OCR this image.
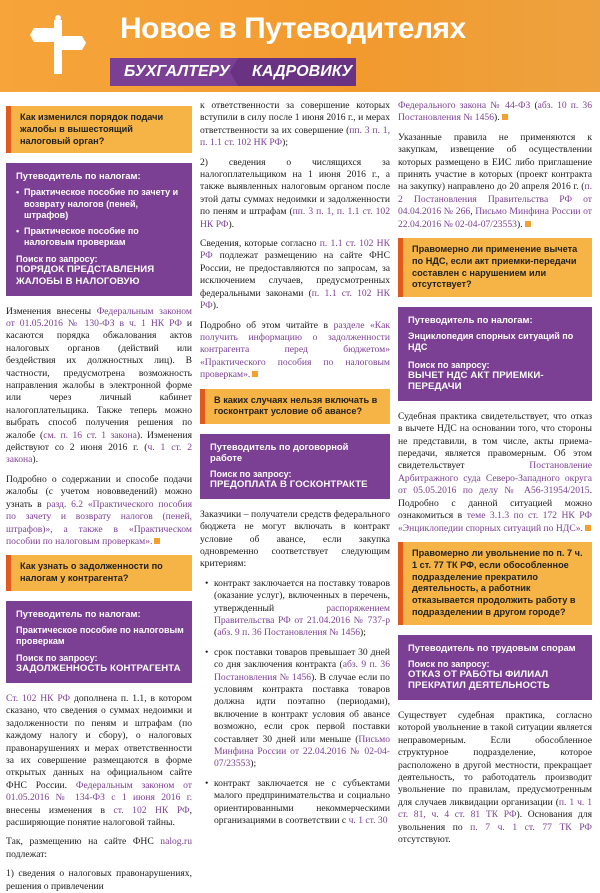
Новое в Путеводителях
БУХГАЛТЕРУ	КАДРОВИКУ
Как изменился порядок подачи жалобы в вышестоящий налоговый орган?
Путеводитель по налогам:
• Практическое пособие по зачету и возврату налогов (пеней, штрафов)
• Практическое пособие по налоговым проверкам
Поиск по запросу:
ПОРЯДОК ПРЕДСТАВЛЕНИЯ ЖАЛОБЫ В НАЛОГОВУЮ

Изменения внесены Федеральным законом от 01.05.2016 № 130-ФЗ в ч. 1 НК РФ и касаются порядка обжалования актов налоговых органов (действий или бездействия их должностных лиц). В частности, предусмотрена возможность направления жалобы в электронной форме или через личный кабинет налогоплательщика. Также теперь можно выбрать способ получения решения по жалобе (см. п. 16 ст. 1 закона). Изменения действуют со 2 июня 2016 г. (ч. 1 ст. 2 закона).

Подробно о содержании и способе подачи жалобы (с учетом нововведений) можно узнать в разд. 6.2 «Практического пособия по зачету и возврату налогов (пеней, штрафов)», а также в «Практическом пособии по налоговым проверкам».

Как узнать о задолженности по налогам у контрагента?
Путеводитель по налогам:
Практическое пособие по налоговым проверкам
Поиск по запросу:
ЗАДОЛЖЕННОСТЬ КОНТРАГЕНТА

Ст. 102 НК РФ дополнена п. 1.1, в котором сказано, что сведения о суммах недоимки и задолженности по пеням и штрафам (по каждому налогу и сбору), о налоговых правонарушениях и мерах ответственности за их совершение размещаются в форме открытых данных на официальном сайте ФНС России. Федеральным законом от 01.05.2016 № 134-ФЗ с 1 июня 2016 г. внесены изменения в ст. 102 НК РФ, расширяющие понятие налоговой тайны.

Так, размещению на сайте ФНС nalog.ru подлежат:

1) сведения о налоговых правонарушениях, решения о привлечении

к ответственности за совершение которых вступили в силу после 1 июня 2016 г., и мерах ответственности за их совершение (пп. 3 п. 1, п. 1.1 ст. 102 НК РФ);

2) сведения о числящихся за налогоплательщиком на 1 июня 2016 г., а также выявленных налоговым органом после этой даты суммах недоимки и задолженности по пеням и штрафам (пп. 3 п. 1, п. 1.1 ст. 102 НК РФ).

Сведения, которые согласно п. 1.1 ст. 102 НК РФ подлежат размещению на сайте ФНС России, не предоставляются по запросам, за исключением случаев, предусмотренных федеральными законами (п. 1.1 ст. 102 НК РФ).

Подробно об этом читайте в разделе «Как получить информацию о задолженности контрагента перед бюджетом» «Практического пособия по налоговым проверкам».

В каких случаях нельзя включать в госконтракт условие об авансе?
Путеводитель по договорной работе
Поиск по запросу:
ПРЕДОПЛАТА В ГОСКОНТРАКТЕ

Заказчики – получатели средств федерального бюджета не могут включать в контракт условие об авансе, если закупка одновременно соответствует следующим критериям:

• контракт заключается на поставку товаров (оказание услуг), включенных в перечень, утвержденный распоряжением Правительства РФ от 21.04.2016 № 737-р (абз. 9 п. 36 Постановления № 1456);
• срок поставки товаров превышает 30 дней со дня заключения контракта (абз. 9 п. 36 Постановления № 1456). В случае если по условиям контракта поставка товаров должна идти поэтапно (периодами), включение в контракт условия об авансе возможно, если срок первой поставки составляет 30 дней или меньше (Письмо Минфина России от 22.04.2016 № 02-04-07/23553);
• контракт заключается не с субъектами малого предпринимательства и социально ориентированными некоммерческими организациями в соответствии с ч. 1 ст. 30

Федерального закона № 44-ФЗ (абз. 10 п. 36 Постановления № 1456).

Указанные правила не применяются к закупкам, извещение об осуществлении которых размещено в ЕИС либо приглашение принять участие в которых (проект контракта на закупку) направлено до 20 апреля 2016 г. (п. 2 Постановления Правительства РФ от 04.04.2016 № 266, Письмо Минфина России от 22.04.2016 № 02-04-07/23553).

Правомерно ли применение вычета по НДС, если акт приемки-передачи составлен с нарушением или отсутствует?
Путеводитель по налогам:
Энциклопедия спорных ситуаций по НДС
Поиск по запросу:
ВЫЧЕТ НДС АКТ ПРИЕМКИ-ПЕРЕДАЧИ

Судебная практика свидетельствует, что отказ в вычете НДС на основании того, что стороны не представили, в том числе, акты приема-передачи, является правомерным. Об этом свидетельствует Постановление Арбитражного суда Северо-Западного округа от 05.05.2016 по делу № А56-31954/2015. Подробно с данной ситуацией можно ознакомиться в теме 3.1.3 по ст. 172 НК РФ «Энциклопедии спорных ситуаций по НДС».

Правомерно ли увольнение по п. 7 ч. 1 ст. 77 ТК РФ, если обособленное подразделение прекратило деятельность, а работник отказывается продолжить работу в подразделении в другом городе?
Путеводитель по трудовым спорам
Поиск по запросу:
ОТКАЗ ОТ РАБОТЫ ФИЛИАЛ ПРЕКРАТИЛ ДЕЯТЕЛЬНОСТЬ

Существует судебная практика, согласно которой увольнение в такой ситуации является неправомерным. Если обособленное структурное подразделение, которое расположено в другой местности, прекращает деятельность, то работодатель производит увольнение по правилам, предусмотренным для случаев ликвидации организации (п. 1 ч. 1 ст. 81, ч. 4 ст. 81 ТК РФ). Основания для увольнения по п. 7 ч. 1 ст. 77 ТК РФ отсутствуют.
